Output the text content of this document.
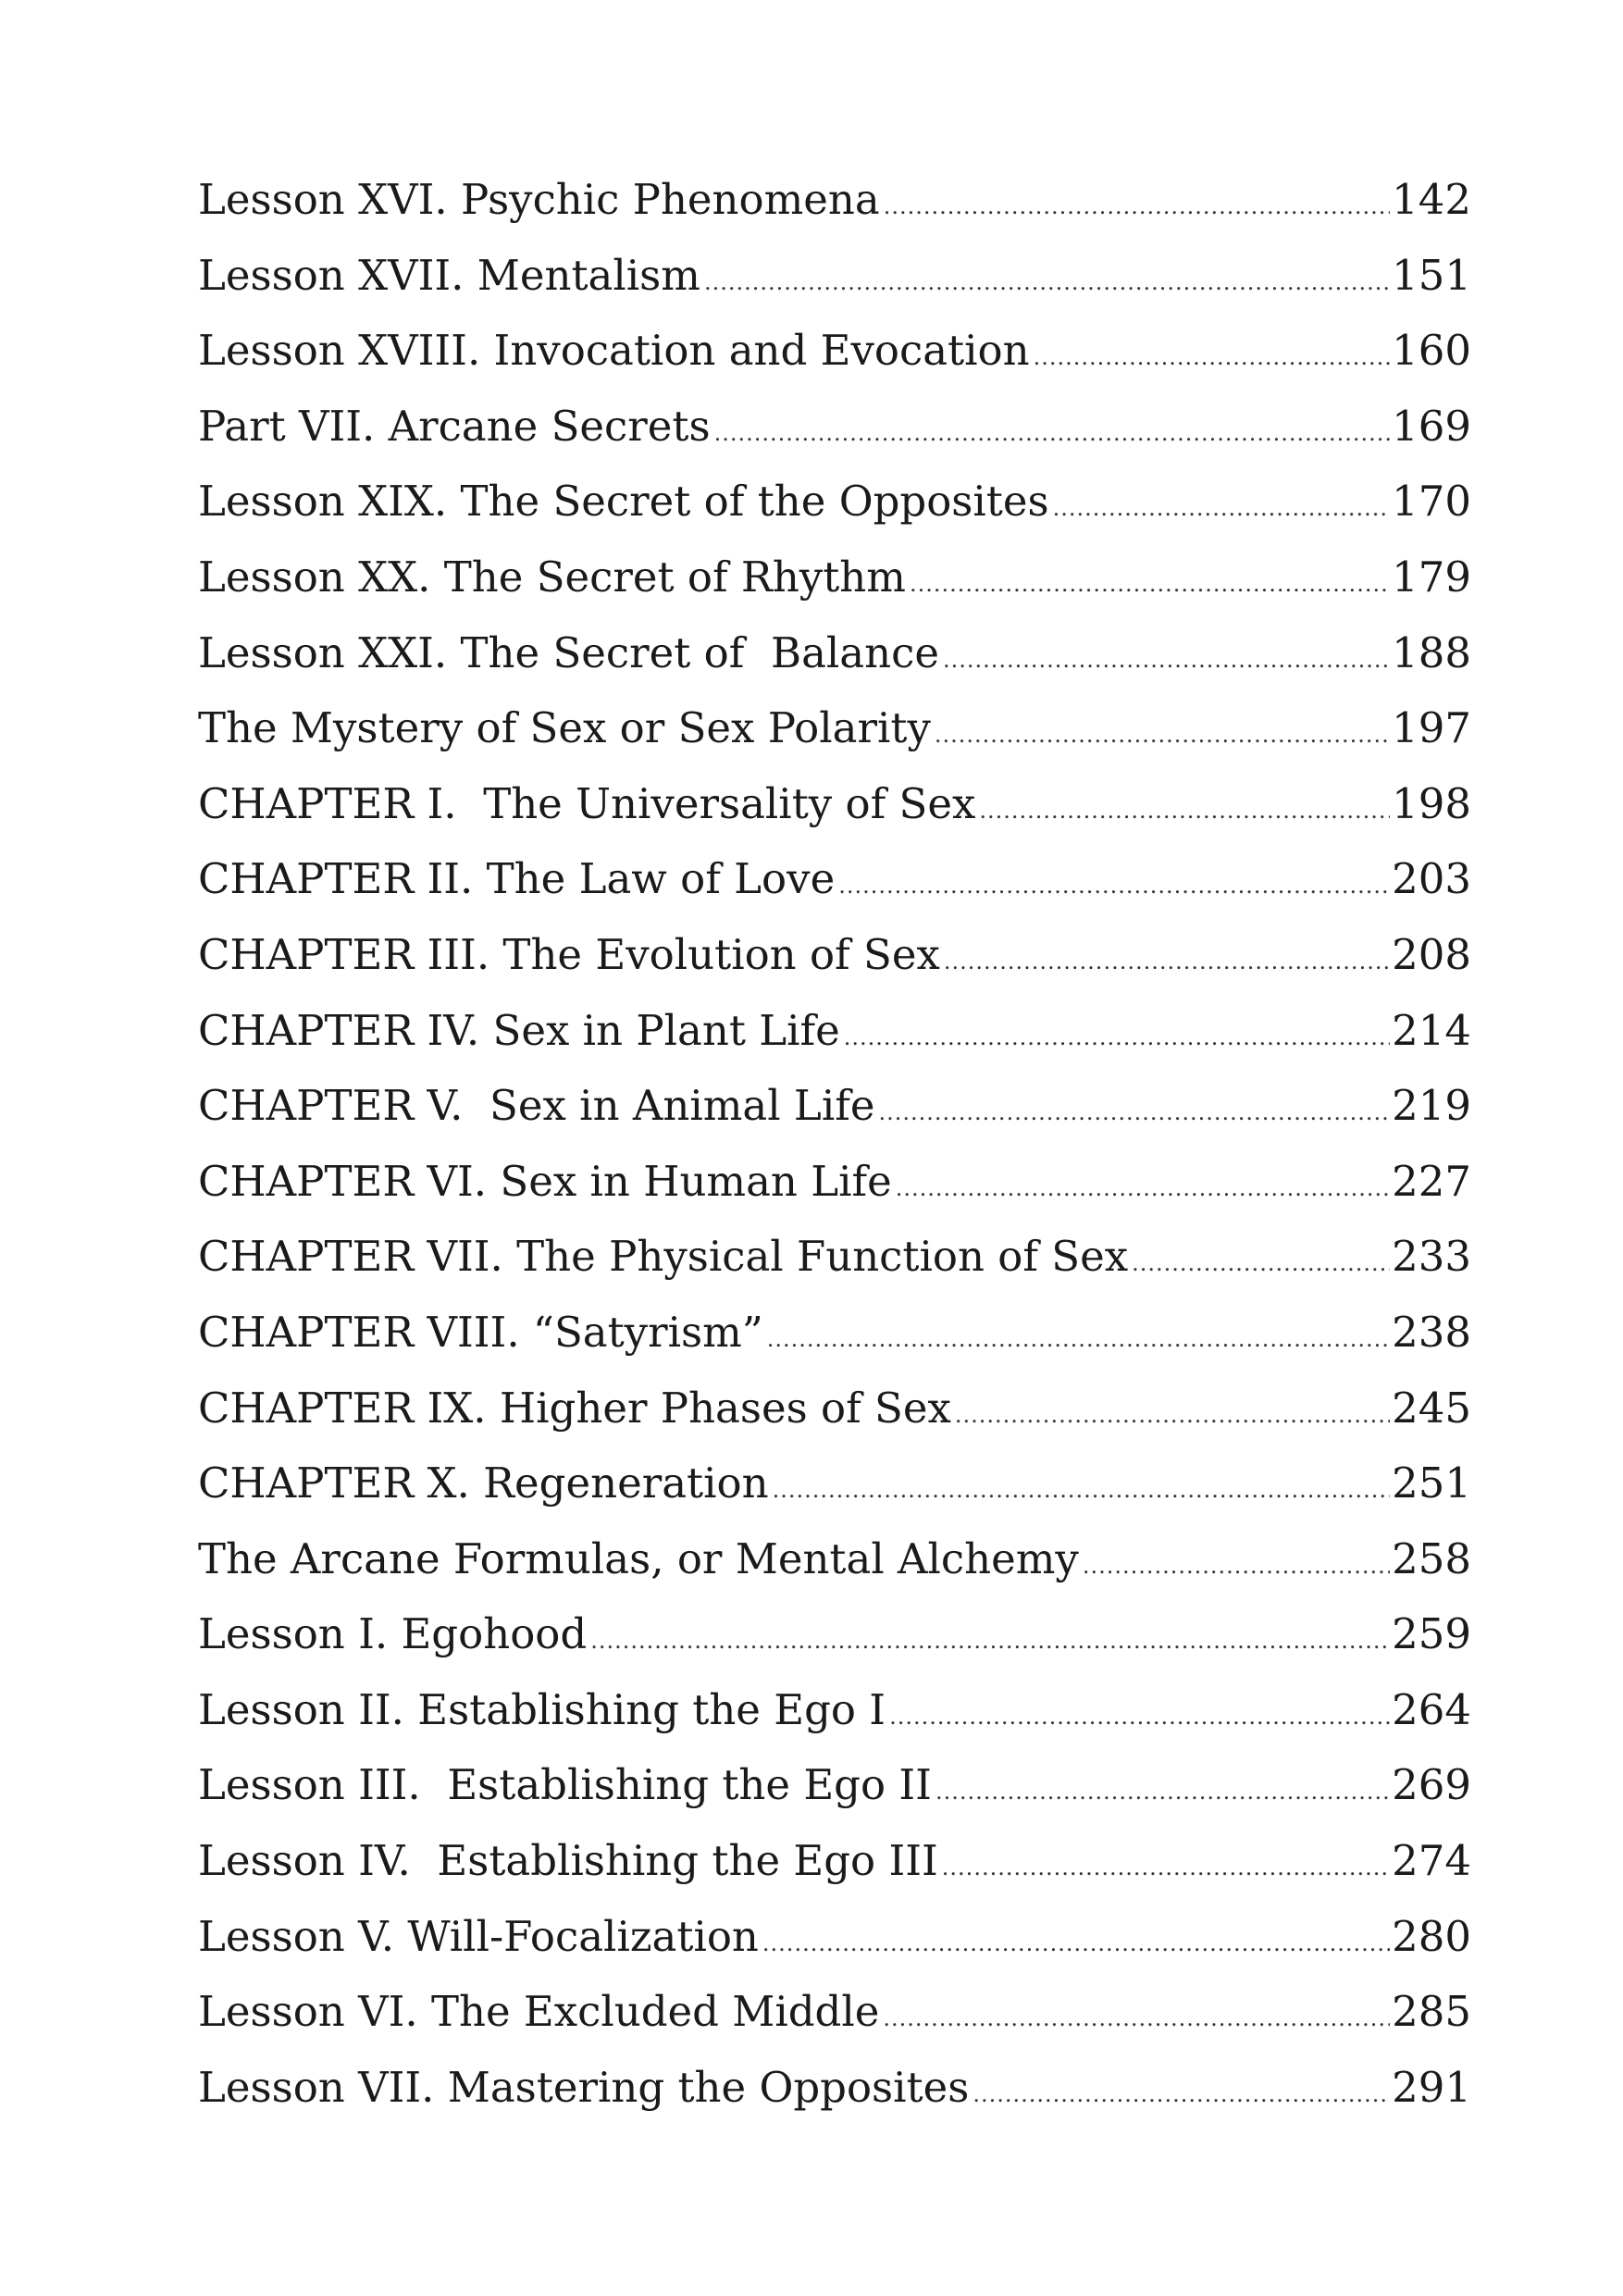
Lesson XVI. Psychic Phenomena .....	142
Lesson XVII. Mentalism .....	151
Lesson XVIII. Invocation and Evocation .....	160
Part VII. Arcane Secrets .....	169
Lesson XIX. The Secret of the Opposites .....	170
Lesson XX. The Secret of Rhythm .....	179
Lesson XXI. The Secret of  Balance .....	188
The Mystery of Sex or Sex Polarity .....	197
CHAPTER I.  The Universality of Sex .....	198
CHAPTER II. The Law of Love .....	203
CHAPTER III. The Evolution of Sex .....	208
CHAPTER IV. Sex in Plant Life .....	214
CHAPTER V.  Sex in Animal Life .....	219
CHAPTER VI. Sex in Human Life .....	227
CHAPTER VII. The Physical Function of Sex .....	233
CHAPTER VIII. “Satyrism” .....	238
CHAPTER IX. Higher Phases of Sex .....	245
CHAPTER X. Regeneration .....	251
The Arcane Formulas, or Mental Alchemy .....	258
Lesson I. Egohood .....	259
Lesson II. Establishing the Ego I .....	264
Lesson III.  Establishing the Ego II .....	269
Lesson IV.  Establishing the Ego III .....	274
Lesson V. Will-Focalization .....	280
Lesson VI. The Excluded Middle .....	285
Lesson VII. Mastering the Opposites .....	291
